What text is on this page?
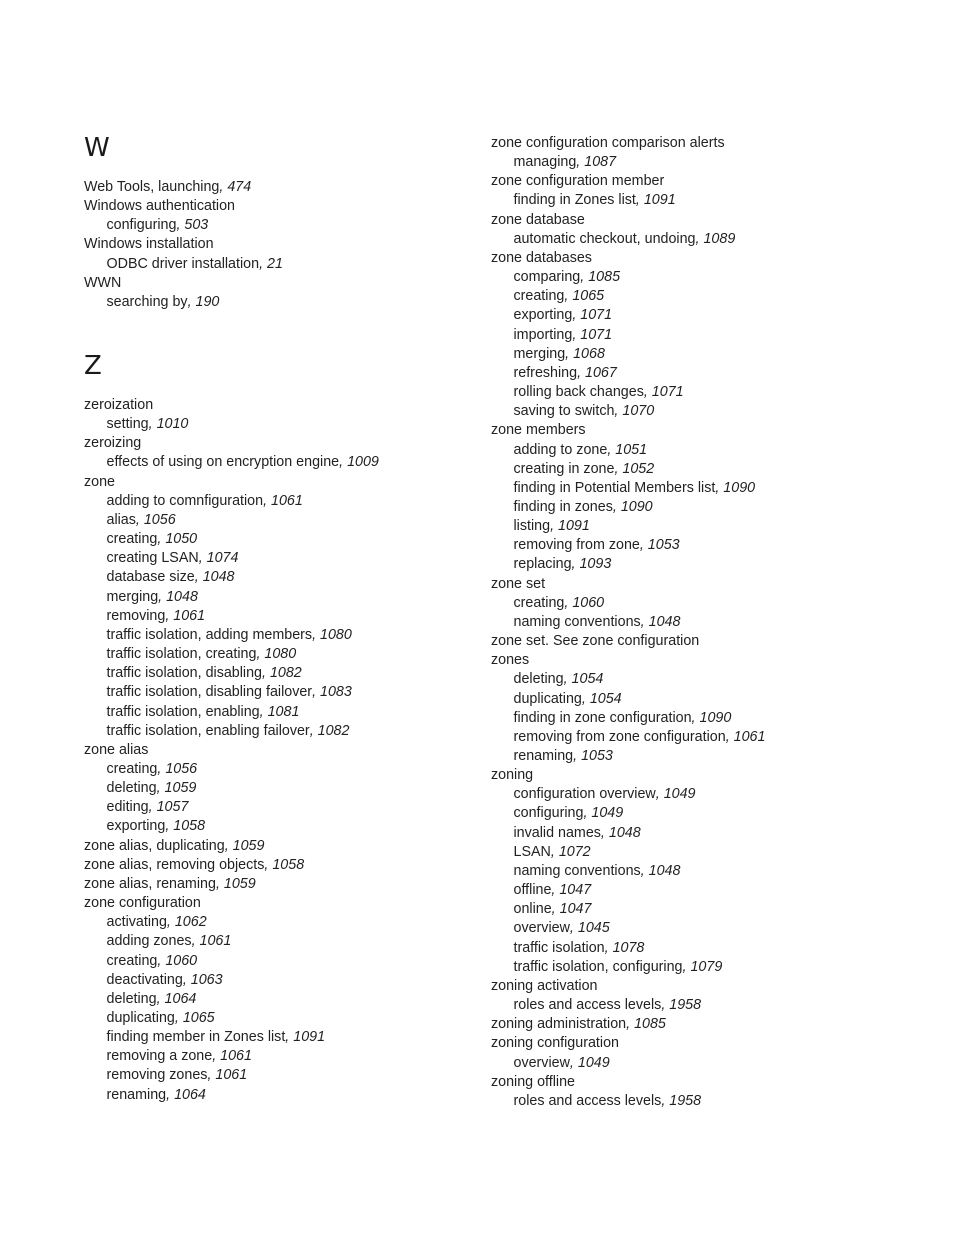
W
Web Tools, launching, 474
Windows authentication
configuring, 503
Windows installation
ODBC driver installation, 21
WWN
searching by, 190
Z
zeroization
setting, 1010
zeroizing
effects of using on encryption engine, 1009
zone
adding to comnfiguration, 1061
alias, 1056
creating, 1050
creating LSAN, 1074
database size, 1048
merging, 1048
removing, 1061
traffic isolation, adding members, 1080
traffic isolation, creating, 1080
traffic isolation, disabling, 1082
traffic isolation, disabling failover, 1083
traffic isolation, enabling, 1081
traffic isolation, enabling failover, 1082
zone alias
creating, 1056
deleting, 1059
editing, 1057
exporting, 1058
zone alias, duplicating, 1059
zone alias, removing objects, 1058
zone alias, renaming, 1059
zone configuration
activating, 1062
adding zones, 1061
creating, 1060
deactivating, 1063
deleting, 1064
duplicating, 1065
finding member in Zones list, 1091
removing a zone, 1061
removing zones, 1061
renaming, 1064
zone configuration comparison alerts
managing, 1087
zone configuration member
finding in Zones list, 1091
zone database
automatic checkout, undoing, 1089
zone databases
comparing, 1085
creating, 1065
exporting, 1071
importing, 1071
merging, 1068
refreshing, 1067
rolling back changes, 1071
saving to switch, 1070
zone members
adding to zone, 1051
creating in zone, 1052
finding in Potential Members list, 1090
finding in zones, 1090
listing, 1091
removing from zone, 1053
replacing, 1093
zone set
creating, 1060
naming conventions, 1048
zone set. See zone configuration
zones
deleting, 1054
duplicating, 1054
finding in zone configuration, 1090
removing from zone configuration, 1061
renaming, 1053
zoning
configuration overview, 1049
configuring, 1049
invalid names, 1048
LSAN, 1072
naming conventions, 1048
offline, 1047
online, 1047
overview, 1045
traffic isolation, 1078
traffic isolation, configuring, 1079
zoning activation
roles and access levels, 1958
zoning administration, 1085
zoning configuration
overview, 1049
zoning offline
roles and access levels, 1958
